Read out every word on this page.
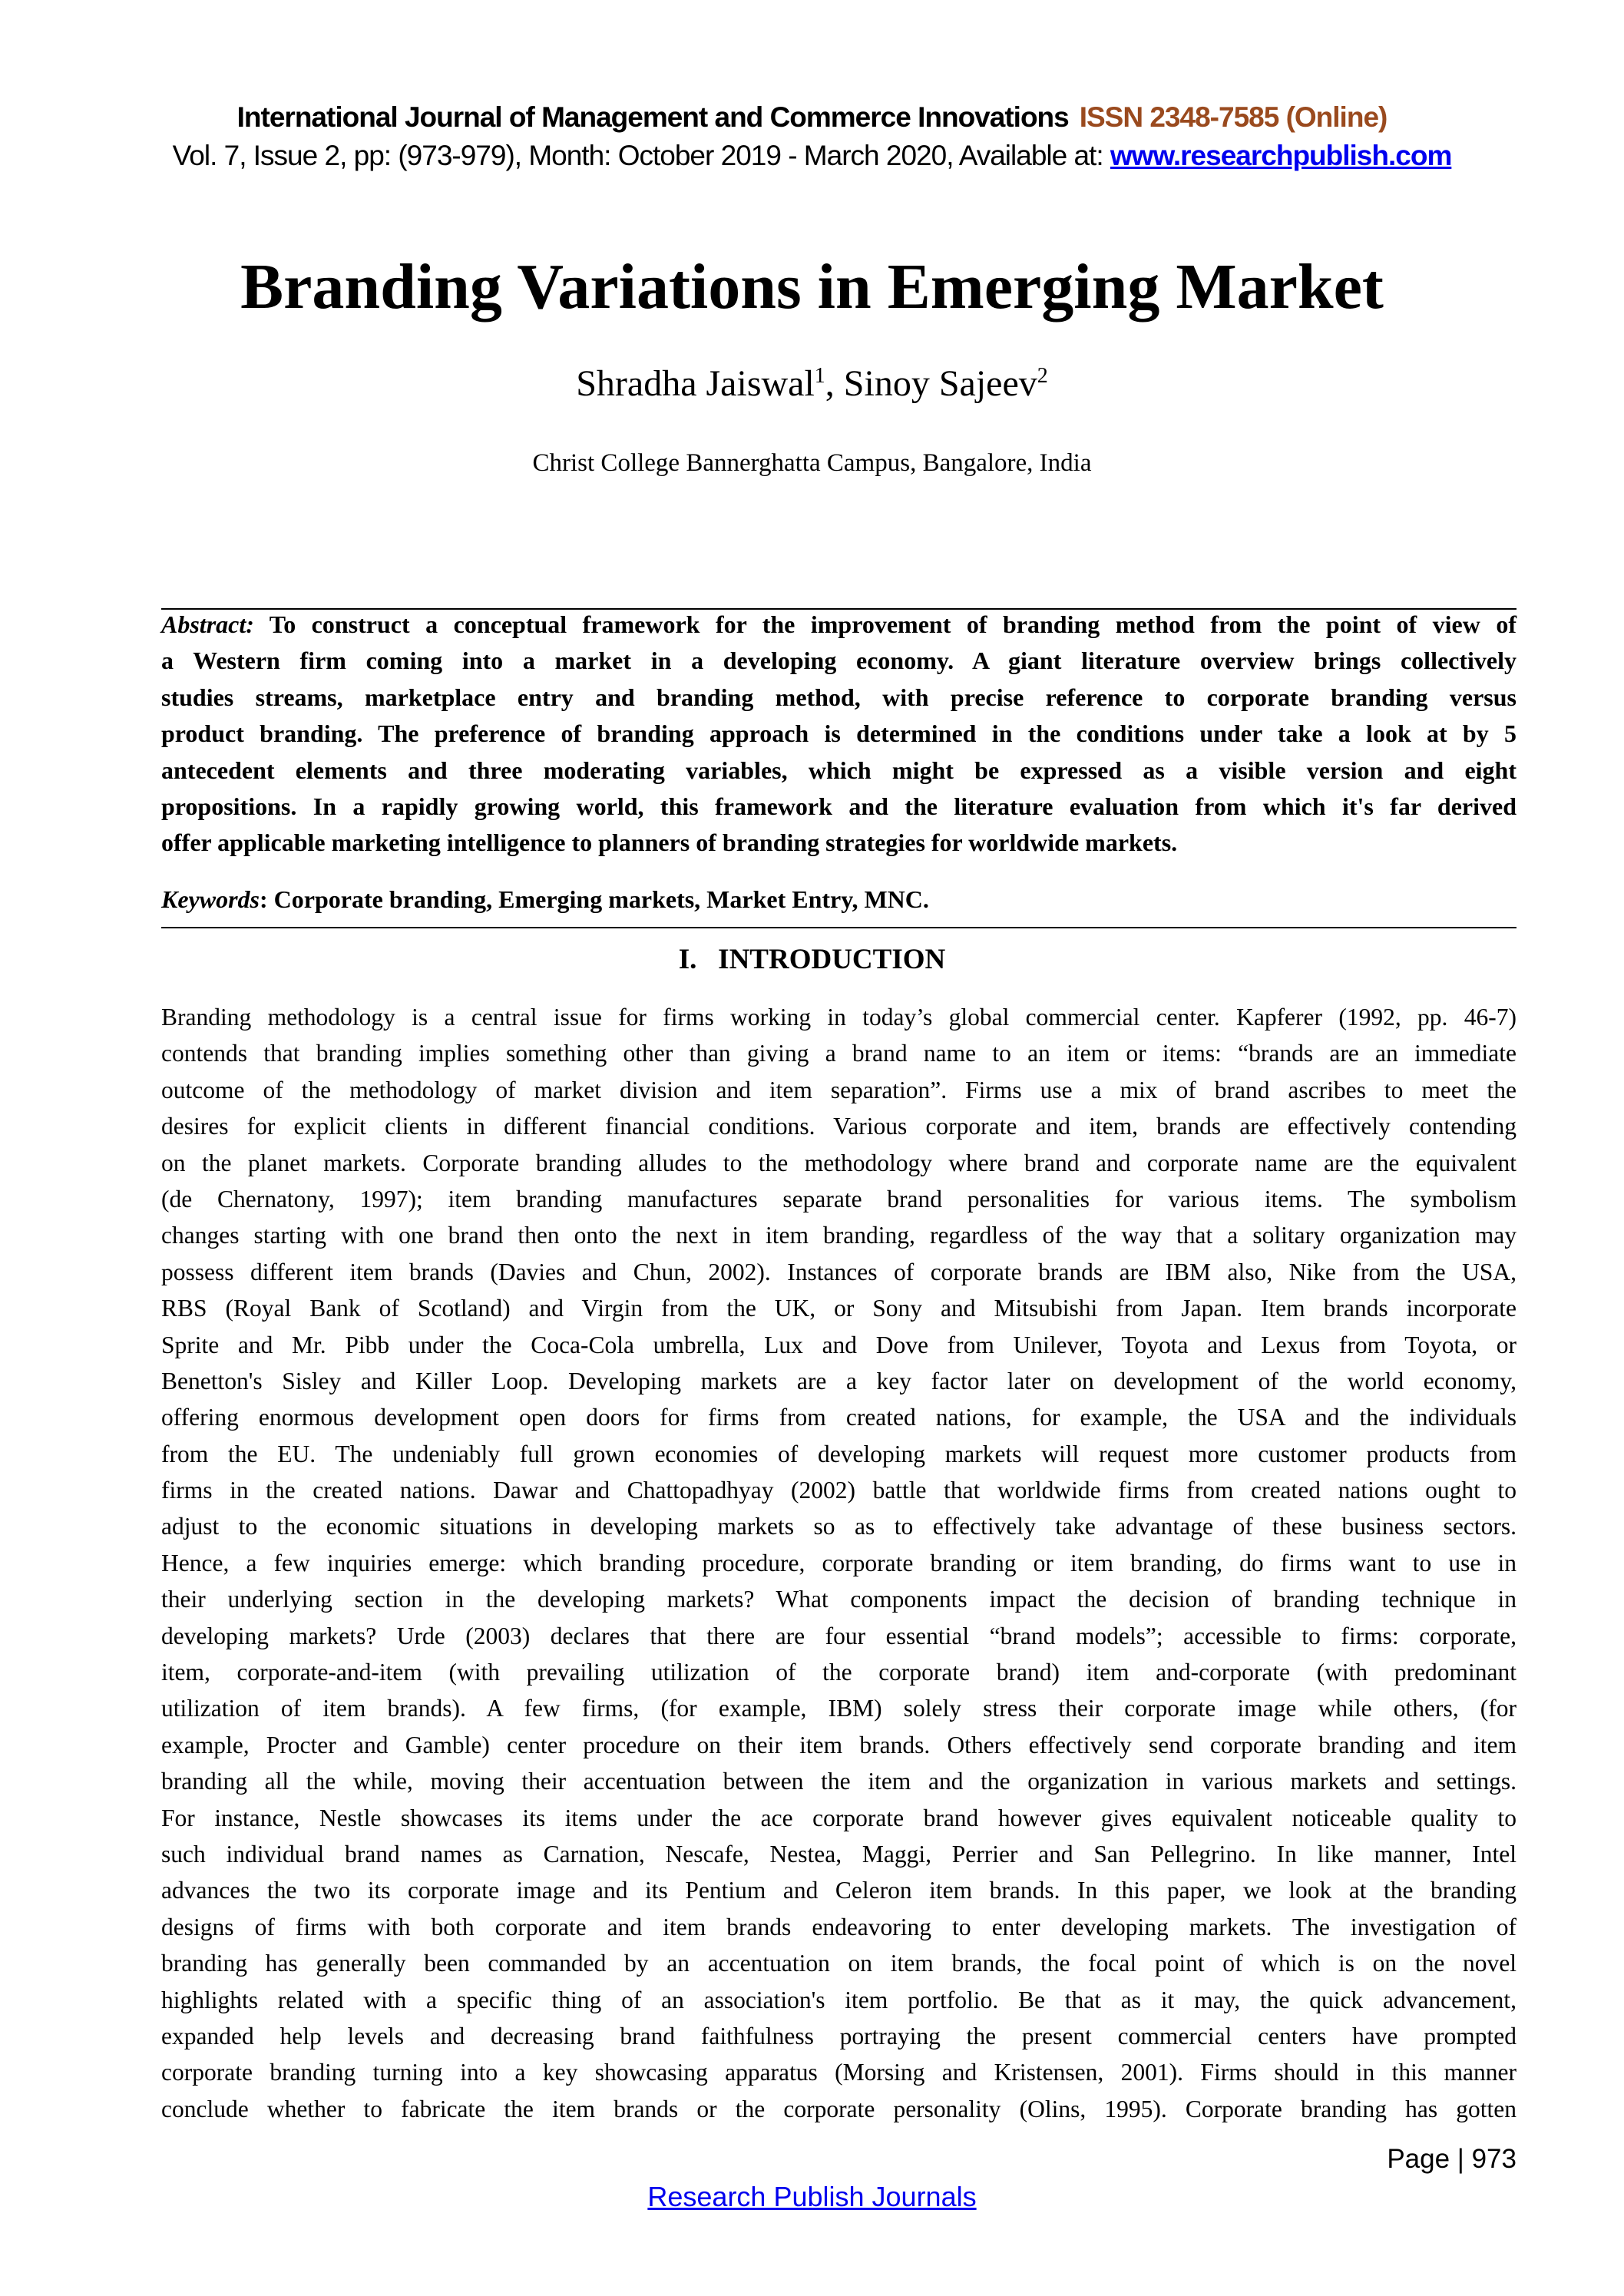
International Journal of Management and Commerce Innovations ISSN 2348-7585 (Online)
Vol. 7, Issue 2, pp: (973-979), Month: October 2019 - March 2020, Available at: www.researchpublish.com
Branding Variations in Emerging Market
Shradha Jaiswal$^1$, Sinoy Sajeev$^2$
Christ College Bannerghatta Campus, Bangalore, India
Abstract: To construct a conceptual framework for the improvement of branding method from the point of view of
a Western firm coming into a market in a developing economy. A giant literature overview brings collectively
studies streams, marketplace entry and branding method, with precise reference to corporate branding versus
product branding. The preference of branding approach is determined in the conditions under take a look at by 5
antecedent elements and three moderating variables, which might be expressed as a visible version and eight
propositions. In a rapidly growing world, this framework and the literature evaluation from which it's far derived
offer applicable marketing intelligence to planners of branding strategies for worldwide markets.
Keywords: Corporate branding, Emerging markets, Market Entry, MNC.
I.   INTRODUCTION
Branding methodology is a central issue for firms working in today’s global commercial center. Kapferer (1992, pp. 46-7)
contends that branding implies something other than giving a brand name to an item or items: “brands are an immediate
outcome of the methodology of market division and item separation”. Firms use a mix of brand ascribes to meet the
desires for explicit clients in different financial conditions. Various corporate and item, brands are effectively contending
on the planet markets. Corporate branding alludes to the methodology where brand and corporate name are the equivalent
(de Chernatony, 1997); item branding manufactures separate brand personalities for various items. The symbolism
changes starting with one brand then onto the next in item branding, regardless of the way that a solitary organization may
possess different item brands (Davies and Chun, 2002). Instances of corporate brands are IBM also, Nike from the USA,
RBS (Royal Bank of Scotland) and Virgin from the UK, or Sony and Mitsubishi from Japan. Item brands incorporate
Sprite and Mr. Pibb under the Coca-Cola umbrella, Lux and Dove from Unilever, Toyota and Lexus from Toyota, or
Benetton's Sisley and Killer Loop. Developing markets are a key factor later on development of the world economy,
offering enormous development open doors for firms from created nations, for example, the USA and the individuals
from the EU. The undeniably full grown economies of developing markets will request more customer products from
firms in the created nations. Dawar and Chattopadhyay (2002) battle that worldwide firms from created nations ought to
adjust to the economic situations in developing markets so as to effectively take advantage of these business sectors.
Hence, a few inquiries emerge: which branding procedure, corporate branding or item branding, do firms want to use in
their underlying section in the developing markets? What components impact the decision of branding technique in
developing markets? Urde (2003) declares that there are four essential “brand models”; accessible to firms: corporate,
item, corporate-and-item (with prevailing utilization of the corporate brand) item and-corporate (with predominant
utilization of item brands). A few firms, (for example, IBM) solely stress their corporate image while others, (for
example, Procter and Gamble) center procedure on their item brands. Others effectively send corporate branding and item
branding all the while, moving their accentuation between the item and the organization in various markets and settings.
For instance, Nestle showcases its items under the ace corporate brand however gives equivalent noticeable quality to
such individual brand names as Carnation, Nescafe, Nestea, Maggi, Perrier and San Pellegrino. In like manner, Intel
advances the two its corporate image and its Pentium and Celeron item brands. In this paper, we look at the branding
designs of firms with both corporate and item brands endeavoring to enter developing markets. The investigation of
branding has generally been commanded by an accentuation on item brands, the focal point of which is on the novel
highlights related with a specific thing of an association's item portfolio. Be that as it may, the quick advancement,
expanded help levels and decreasing brand faithfulness portraying the present commercial centers have prompted
corporate branding turning into a key showcasing apparatus (Morsing and Kristensen, 2001). Firms should in this manner
conclude whether to fabricate the item brands or the corporate personality (Olins, 1995). Corporate branding has gotten
Page | 973
Research Publish Journals
